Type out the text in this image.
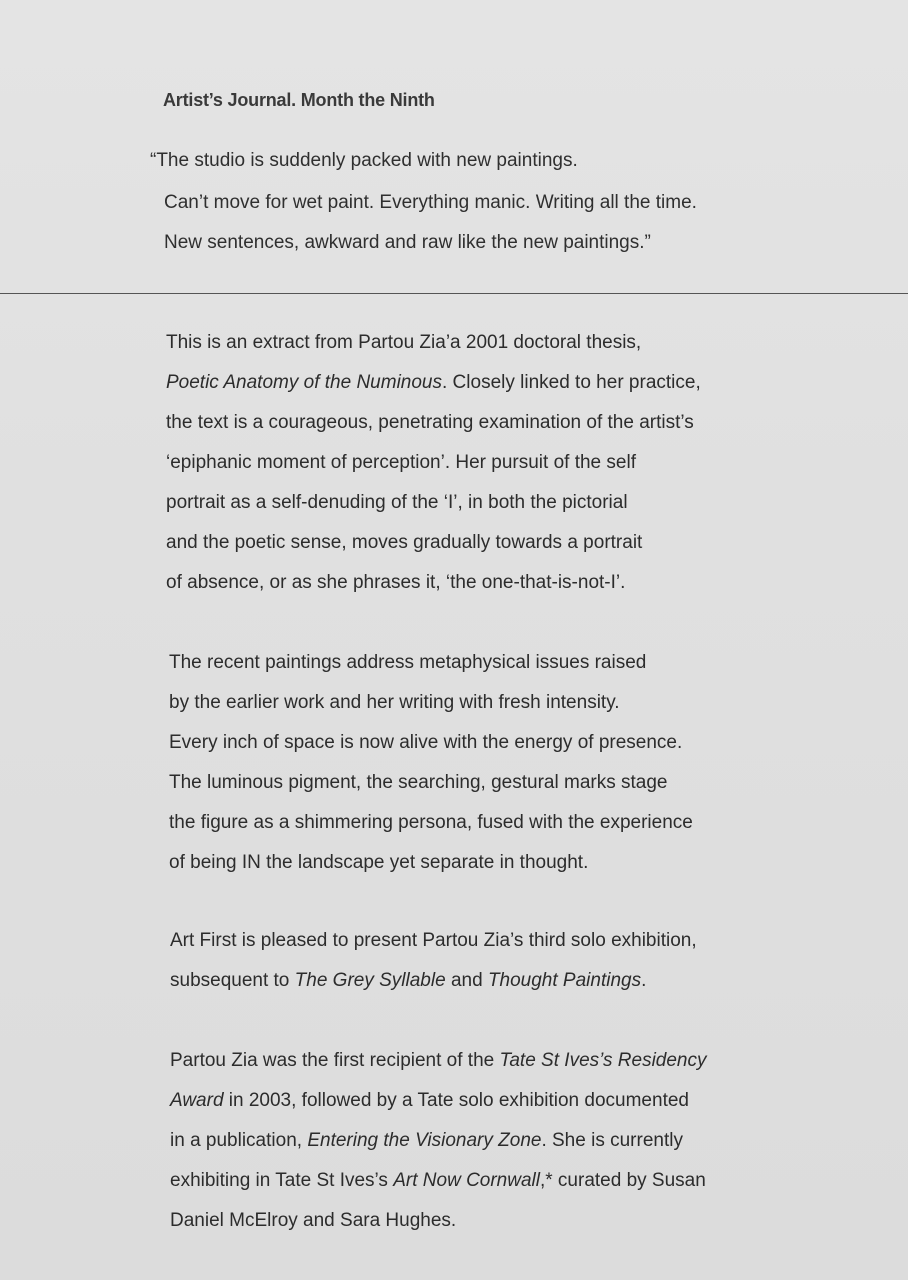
Artist’s Journal. Month the Ninth
“The studio is suddenly packed with new paintings.
Can’t move for wet paint. Everything manic. Writing all the time.
New sentences, awkward and raw like the new paintings.”
This is an extract from Partou Zia’a 2001 doctoral thesis,
Poetic Anatomy of the Numinous. Closely linked to her practice,
the text is a courageous, penetrating examination of the artist’s
‘epiphanic moment of perception’. Her pursuit of the self
portrait as a self-denuding of the ‘I’, in both the pictorial
and the poetic sense, moves gradually towards a portrait
of absence, or as she phrases it, ‘the one-that-is-not-I’.
The recent paintings address metaphysical issues raised
by the earlier work and her writing with fresh intensity.
Every inch of space is now alive with the energy of presence.
The luminous pigment, the searching, gestural marks stage
the figure as a shimmering persona, fused with the experience
of being IN the landscape yet separate in thought.
Art First is pleased to present Partou Zia’s third solo exhibition,
subsequent to The Grey Syllable and Thought Paintings.
Partou Zia was the first recipient of the Tate St Ives’s Residency
Award in 2003, followed by a Tate solo exhibition documented
in a publication, Entering the Visionary Zone. She is currently
exhibiting in Tate St Ives’s Art Now Cornwall,* curated by Susan
Daniel McElroy and Sara Hughes.
